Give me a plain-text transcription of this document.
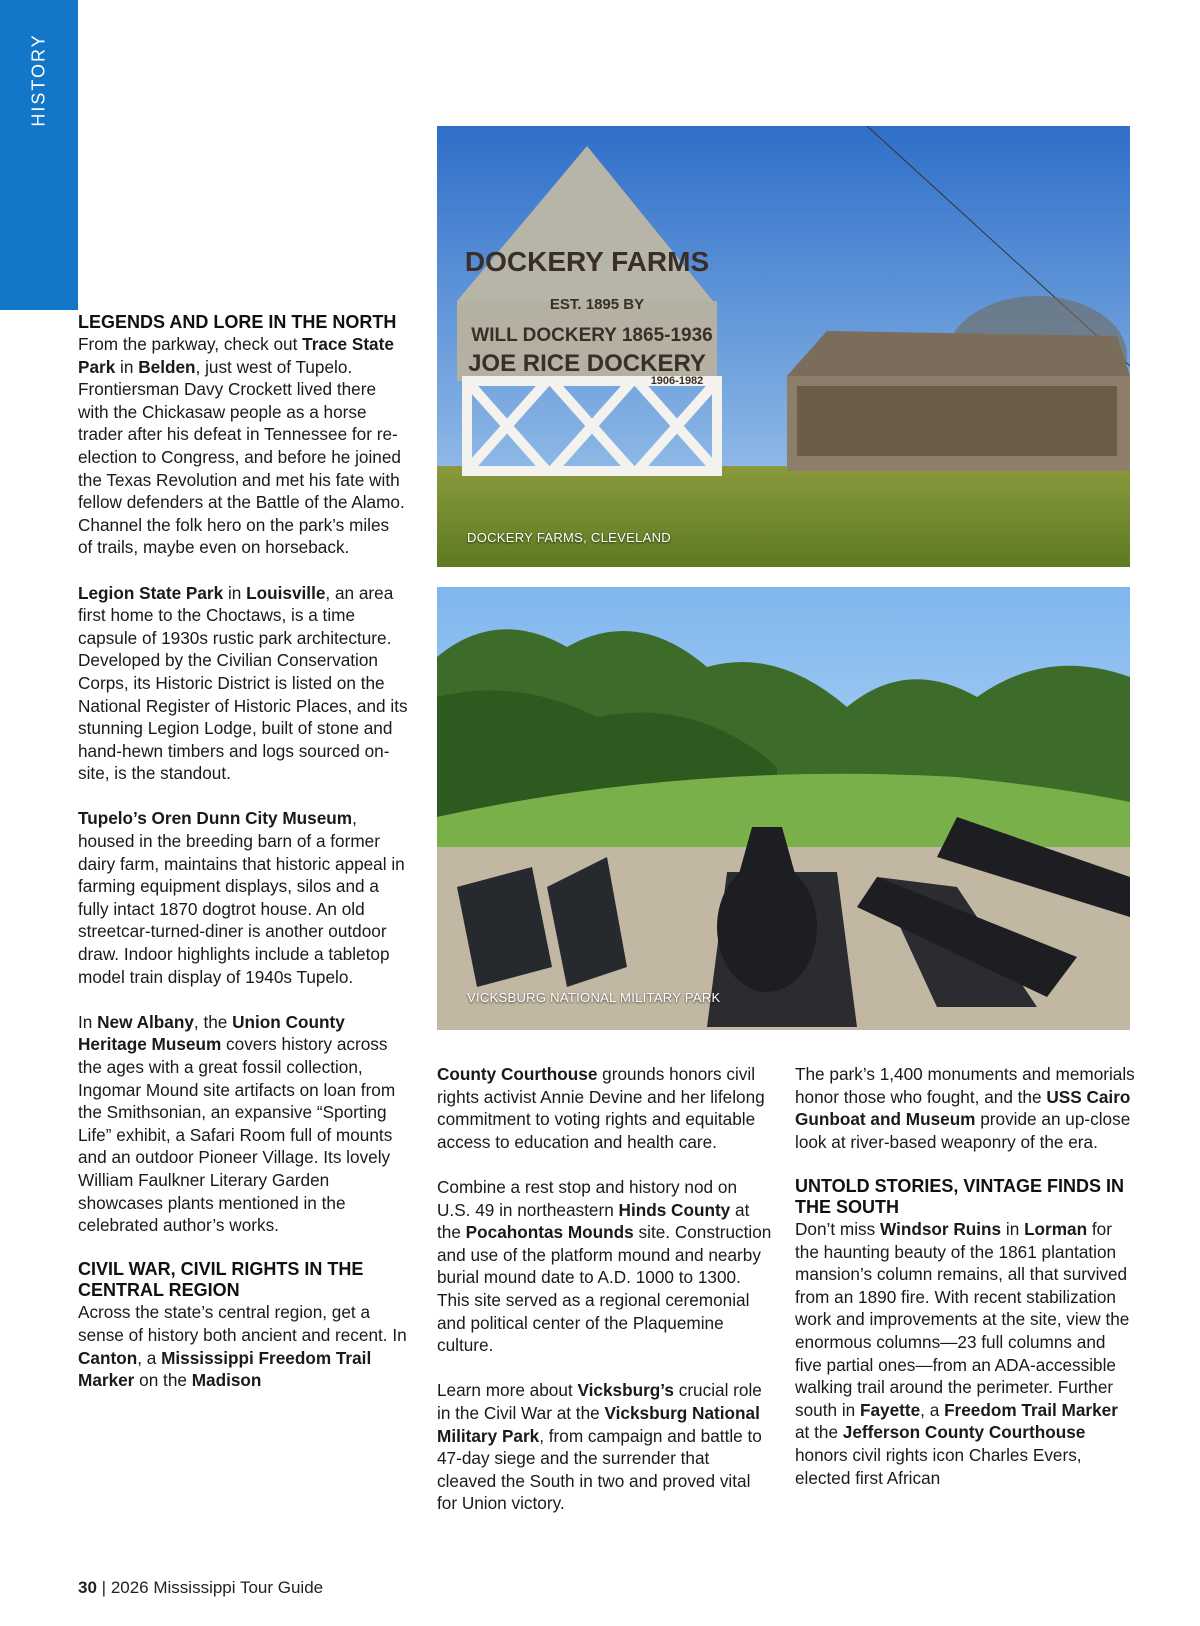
HISTORY
LEGENDS AND LORE IN THE NORTH

From the parkway, check out Trace State Park in Belden, just west of Tupelo. Frontiersman Davy Crockett lived there with the Chickasaw people as a horse trader after his defeat in Tennessee for re-election to Congress, and before he joined the Texas Revolution and met his fate with fellow defenders at the Battle of the Alamo. Channel the folk hero on the park’s miles of trails, maybe even on horseback.

Legion State Park in Louisville, an area first home to the Choctaws, is a time capsule of 1930s rustic park architecture. Developed by the Civilian Conservation Corps, its Historic District is listed on the National Register of Historic Places, and its stunning Legion Lodge, built of stone and hand-hewn timbers and logs sourced on-site, is the standout.

Tupelo’s Oren Dunn City Museum, housed in the breeding barn of a former dairy farm, maintains that historic appeal in farming equipment displays, silos and a fully intact 1870 dogtrot house. An old streetcar-turned-diner is another outdoor draw. Indoor highlights include a tabletop model train display of 1940s Tupelo.

In New Albany, the Union County Heritage Museum covers history across the ages with a great fossil collection, Ingomar Mound site artifacts on loan from the Smithsonian, an expansive “Sporting Life” exhibit, a Safari Room full of mounts and an outdoor Pioneer Village. Its lovely William Faulkner Literary Garden showcases plants mentioned in the celebrated author’s works.

CIVIL WAR, CIVIL RIGHTS IN THE CENTRAL REGION

Across the state’s central region, get a sense of history both ancient and recent. In Canton, a Mississippi Freedom Trail Marker on the Madison

DOCKERY FARMS
EST. 1895 BY
WILL DOCKERY 1865-1936
JOE RICE DOCKERY
1906-1982
DOCKERY FARMS, CLEVELAND
VICKSBURG NATIONAL MILITARY PARK

County Courthouse grounds honors civil rights activist Annie Devine and her lifelong commitment to voting rights and equitable access to education and health care.

Combine a rest stop and history nod on U.S. 49 in northeastern Hinds County at the Pocahontas Mounds site. Construction and use of the platform mound and nearby burial mound date to A.D. 1000 to 1300. This site served as a regional ceremonial and political center of the Plaquemine culture.

Learn more about Vicksburg’s crucial role in the Civil War at the Vicksburg National Military Park, from campaign and battle to 47-day siege and the surrender that cleaved the South in two and proved vital for Union victory.

The park’s 1,400 monuments and memorials honor those who fought, and the USS Cairo Gunboat and Museum provide an up-close look at river-based weaponry of the era.

UNTOLD STORIES, VINTAGE FINDS IN THE SOUTH

Don’t miss Windsor Ruins in Lorman for the haunting beauty of the 1861 plantation mansion’s column remains, all that survived from an 1890 fire. With recent stabilization work and improvements at the site, view the enormous columns—23 full columns and five partial ones—from an ADA-accessible walking trail around the perimeter. Further south in Fayette, a Freedom Trail Marker at the Jefferson County Courthouse honors civil rights icon Charles Evers, elected first African

30 | 2026 Mississippi Tour Guide
